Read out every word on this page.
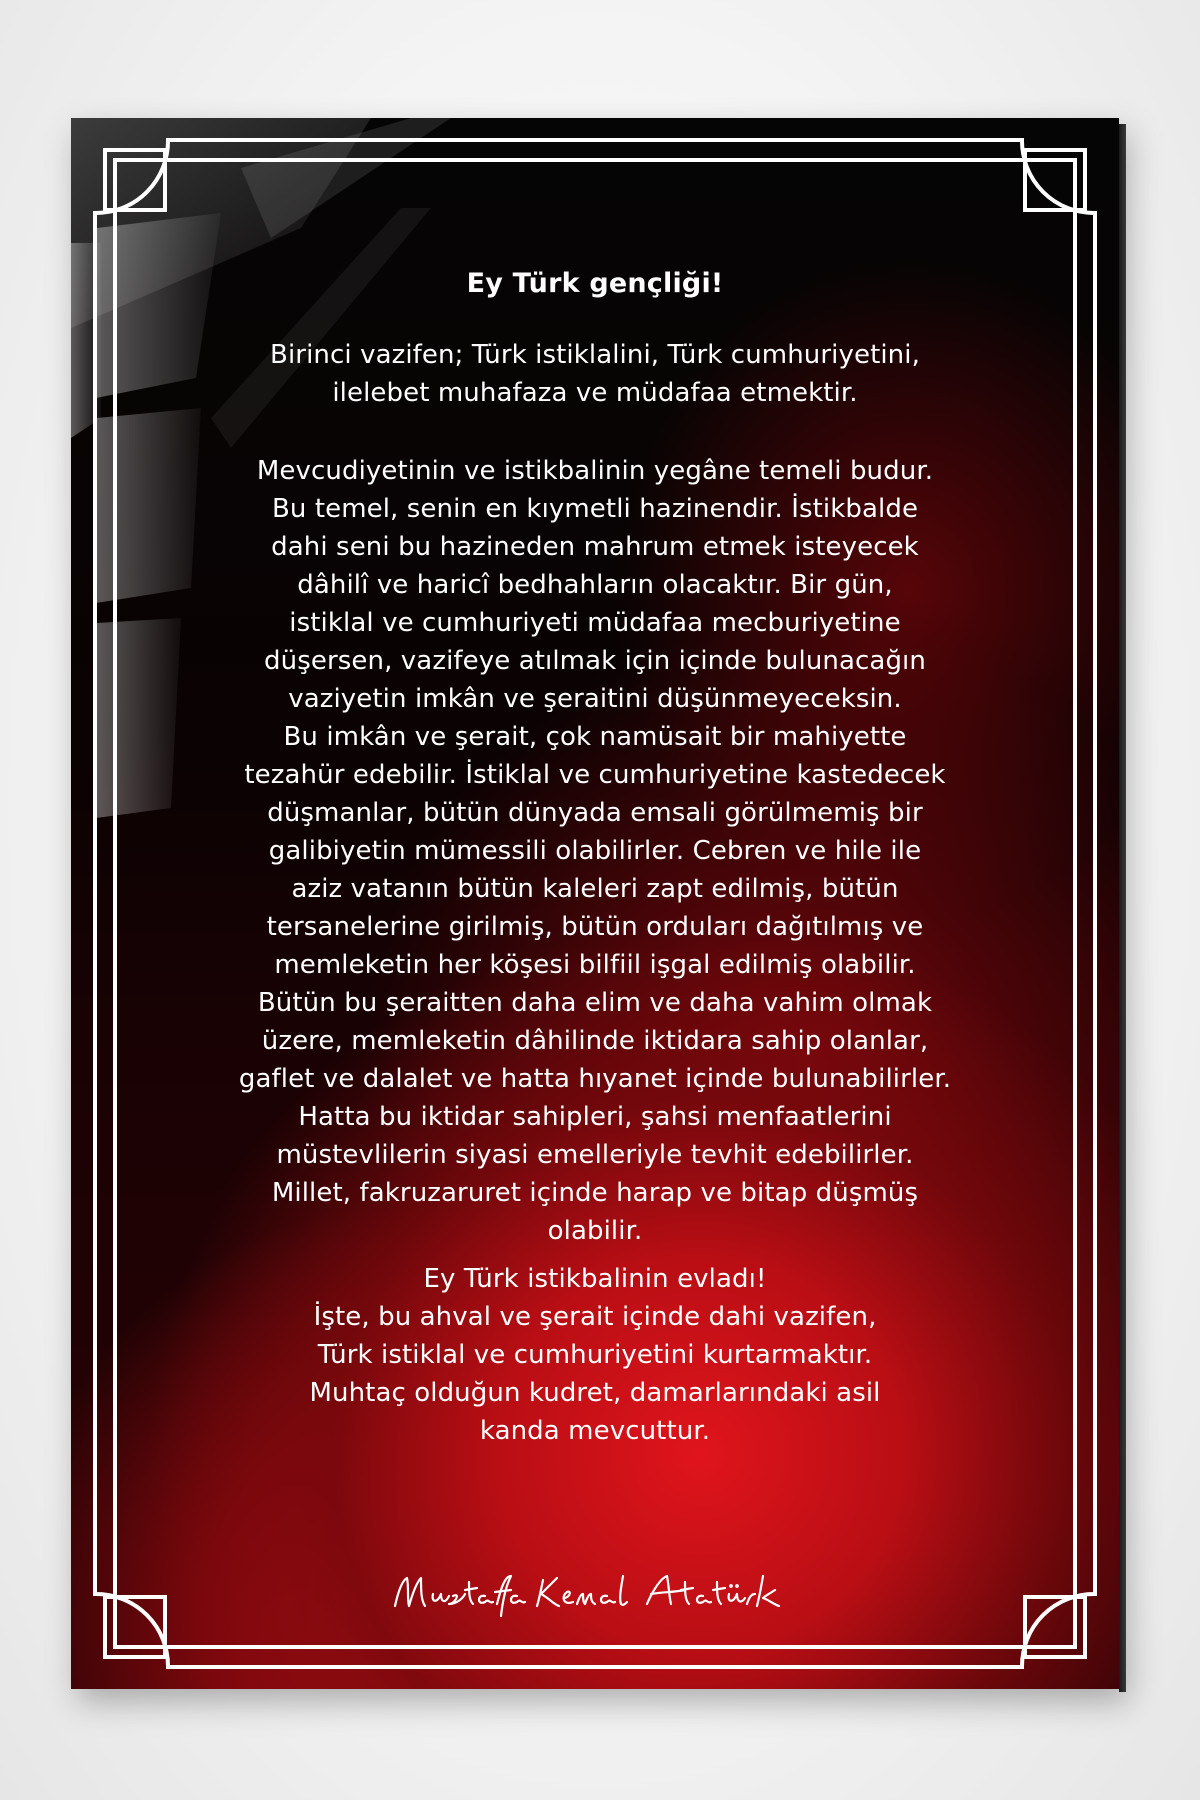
Ey Türk gençliği!
Birinci vazifen; Türk istiklalini, Türk cumhuriyetini,
ilelebet muhafaza ve müdafaa etmektir.
Mevcudiyetinin ve istikbalinin yegâne temeli budur.
Bu temel, senin en kıymetli hazinendir. İstikbalde
dahi seni bu hazineden mahrum etmek isteyecek
dâhilî ve haricî bedhahların olacaktır. Bir gün,
istiklal ve cumhuriyeti müdafaa mecburiyetine
düşersen, vazifeye atılmak için içinde bulunacağın
vaziyetin imkân ve şeraitini düşünmeyeceksin.
Bu imkân ve şerait, çok namüsait bir mahiyette
tezahür edebilir. İstiklal ve cumhuriyetine kastedecek
düşmanlar, bütün dünyada emsali görülmemiş bir
galibiyetin mümessili olabilirler. Cebren ve hile ile
aziz vatanın bütün kaleleri zapt edilmiş, bütün
tersanelerine girilmiş, bütün orduları dağıtılmış ve
memleketin her köşesi bilfiil işgal edilmiş olabilir.
Bütün bu şeraitten daha elim ve daha vahim olmak
üzere, memleketin dâhilinde iktidara sahip olanlar,
gaflet ve dalalet ve hatta hıyanet içinde bulunabilirler.
Hatta bu iktidar sahipleri, şahsi menfaatlerini
müstevlilerin siyasi emelleriyle tevhit edebilirler.
Millet, fakruzaruret içinde harap ve bitap düşmüş
olabilir.
Ey Türk istikbalinin evladı!
İşte, bu ahval ve şerait içinde dahi vazifen,
Türk istiklal ve cumhuriyetini kurtarmaktır.
Muhtaç olduğun kudret, damarlarındaki asil
kanda mevcuttur.
